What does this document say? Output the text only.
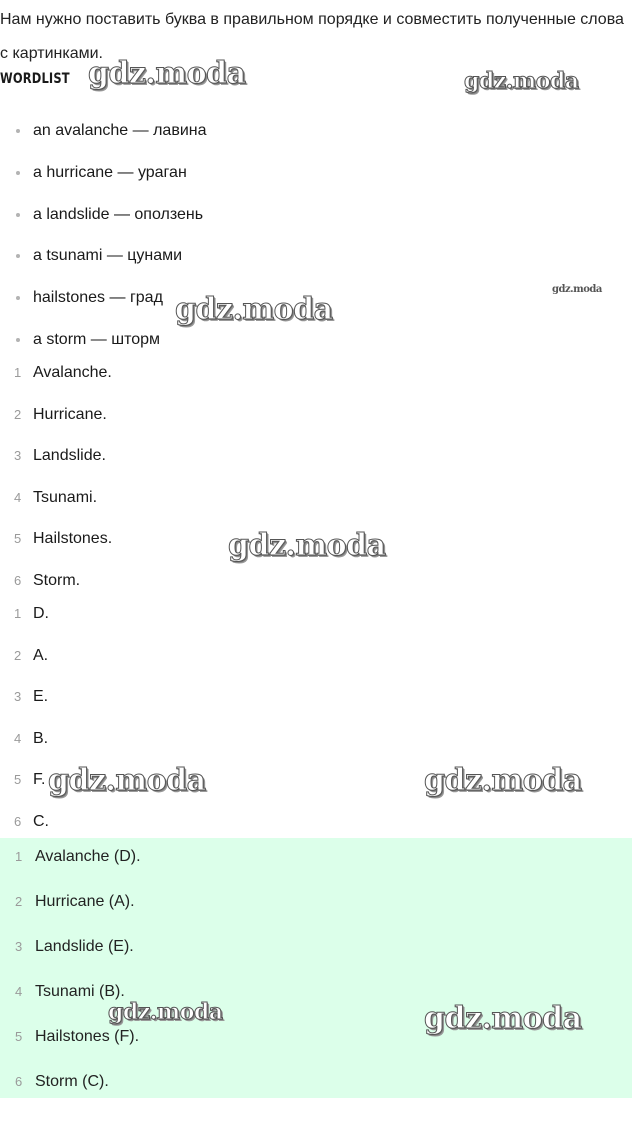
Нам нужно поставить буква в правильном порядке и совместить полученные слова с картинками.

WORDLIST
an avalanche — лавина
a hurricane — ураган
a landslide — оползень
a tsunami — цунами
hailstones — град
a storm — шторм
1 Avalanche.
2 Hurricane.
3 Landslide.
4 Tsunami.
5 Hailstones.
6 Storm.
1 D.
2 A.
3 E.
4 B.
5 F.
6 C.
1 Avalanche (D).
2 Hurricane (A).
3 Landslide (E).
4 Tsunami (B).
5 Hailstones (F).
6 Storm (C).
gdz.moda	gdz.moda
gdz.moda
gdz.moda
gdz.moda
gdz.moda	gdz.moda
gdz.moda	gdz.moda
